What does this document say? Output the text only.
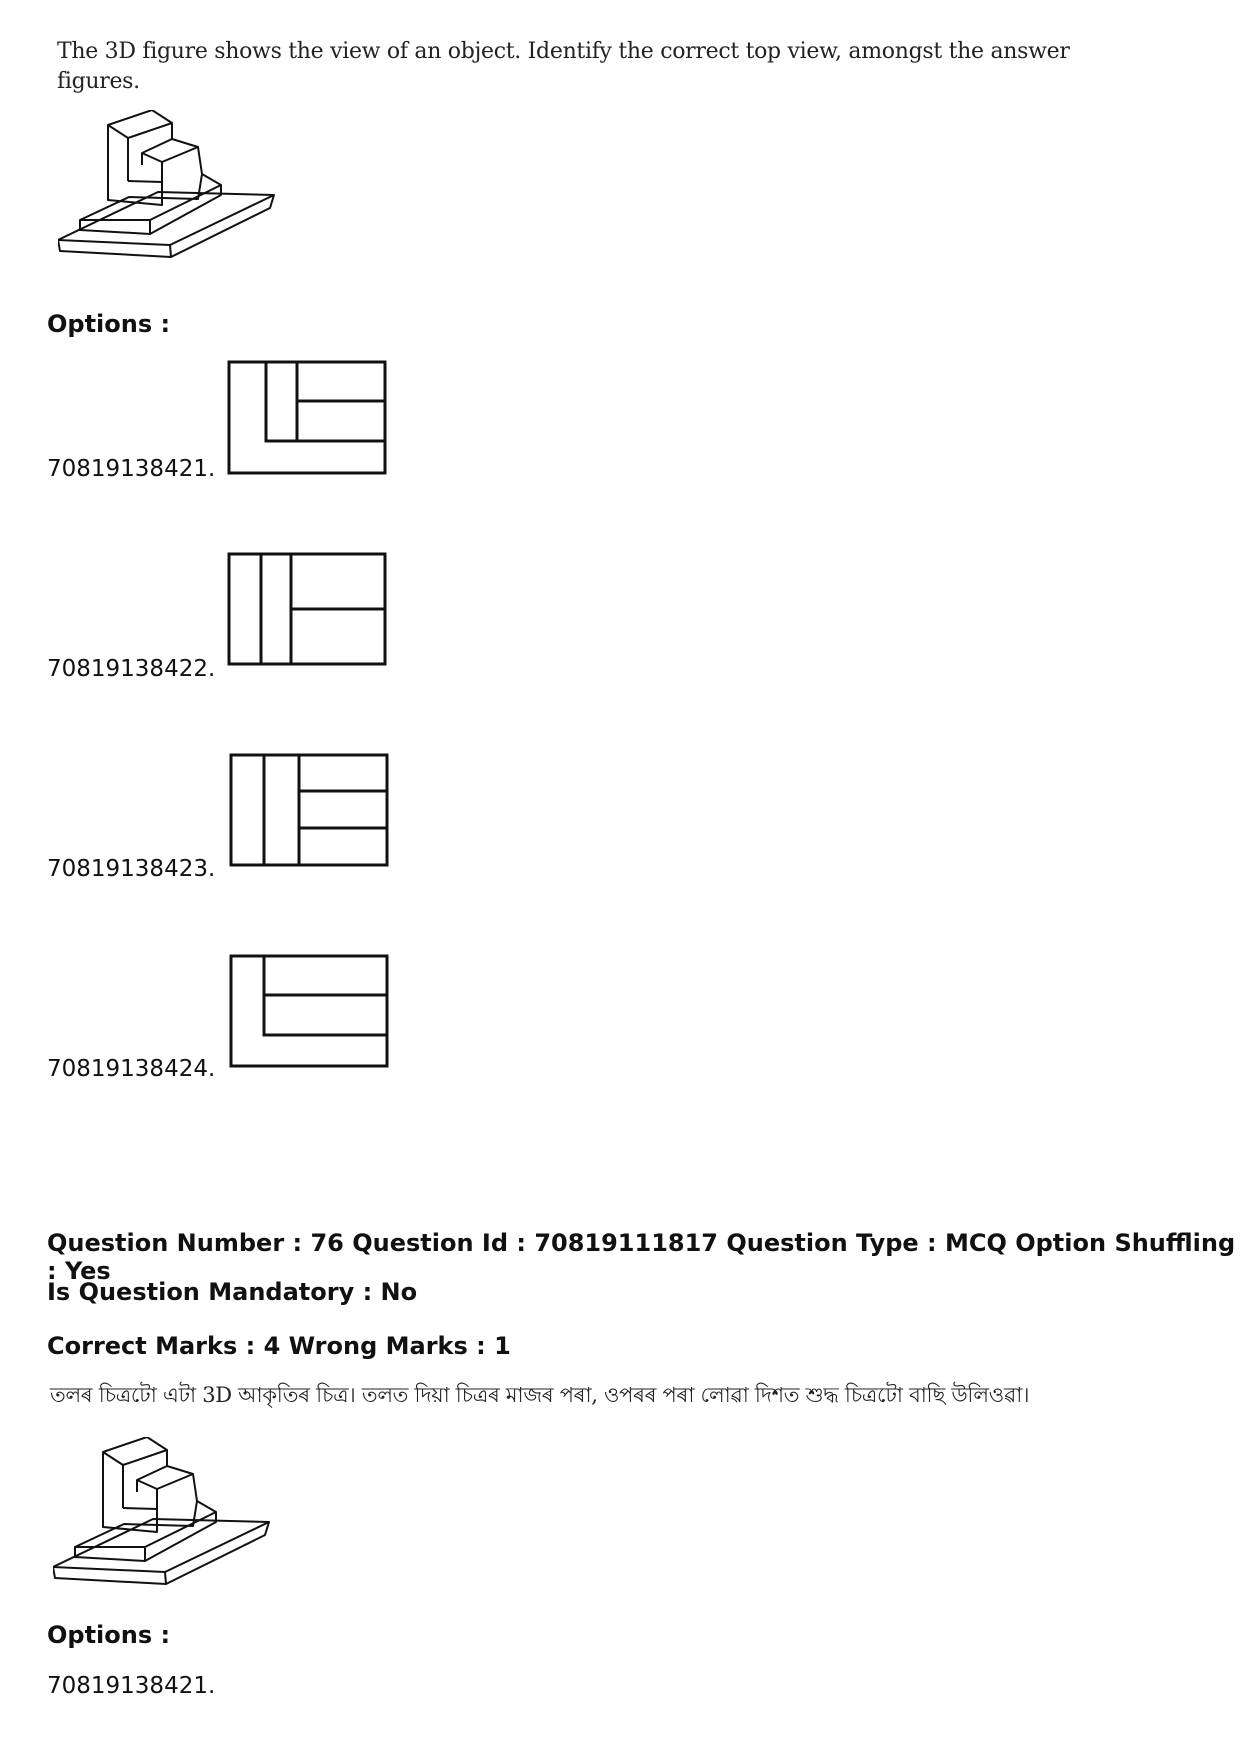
The 3D figure shows the view of an object. Identify the correct top view, amongst the answer
figures.
Options :
70819138421.
70819138422.
70819138423.
70819138424.
Question Number : 76 Question Id : 70819111817 Question Type : MCQ Option Shuffling : Yes
Is Question Mandatory : No
Correct Marks : 4 Wrong Marks : 1
তলৰ চিত্ৰটো এটা 3D আকৃতিৰ চিত্ৰ। তলত দিয়া চিত্ৰৰ মাজৰ পৰা, ওপৰৰ পৰা লোৱা দিশত শুদ্ধ চিত্ৰটো বাছি উলিওৱা।
Options :
70819138421.
